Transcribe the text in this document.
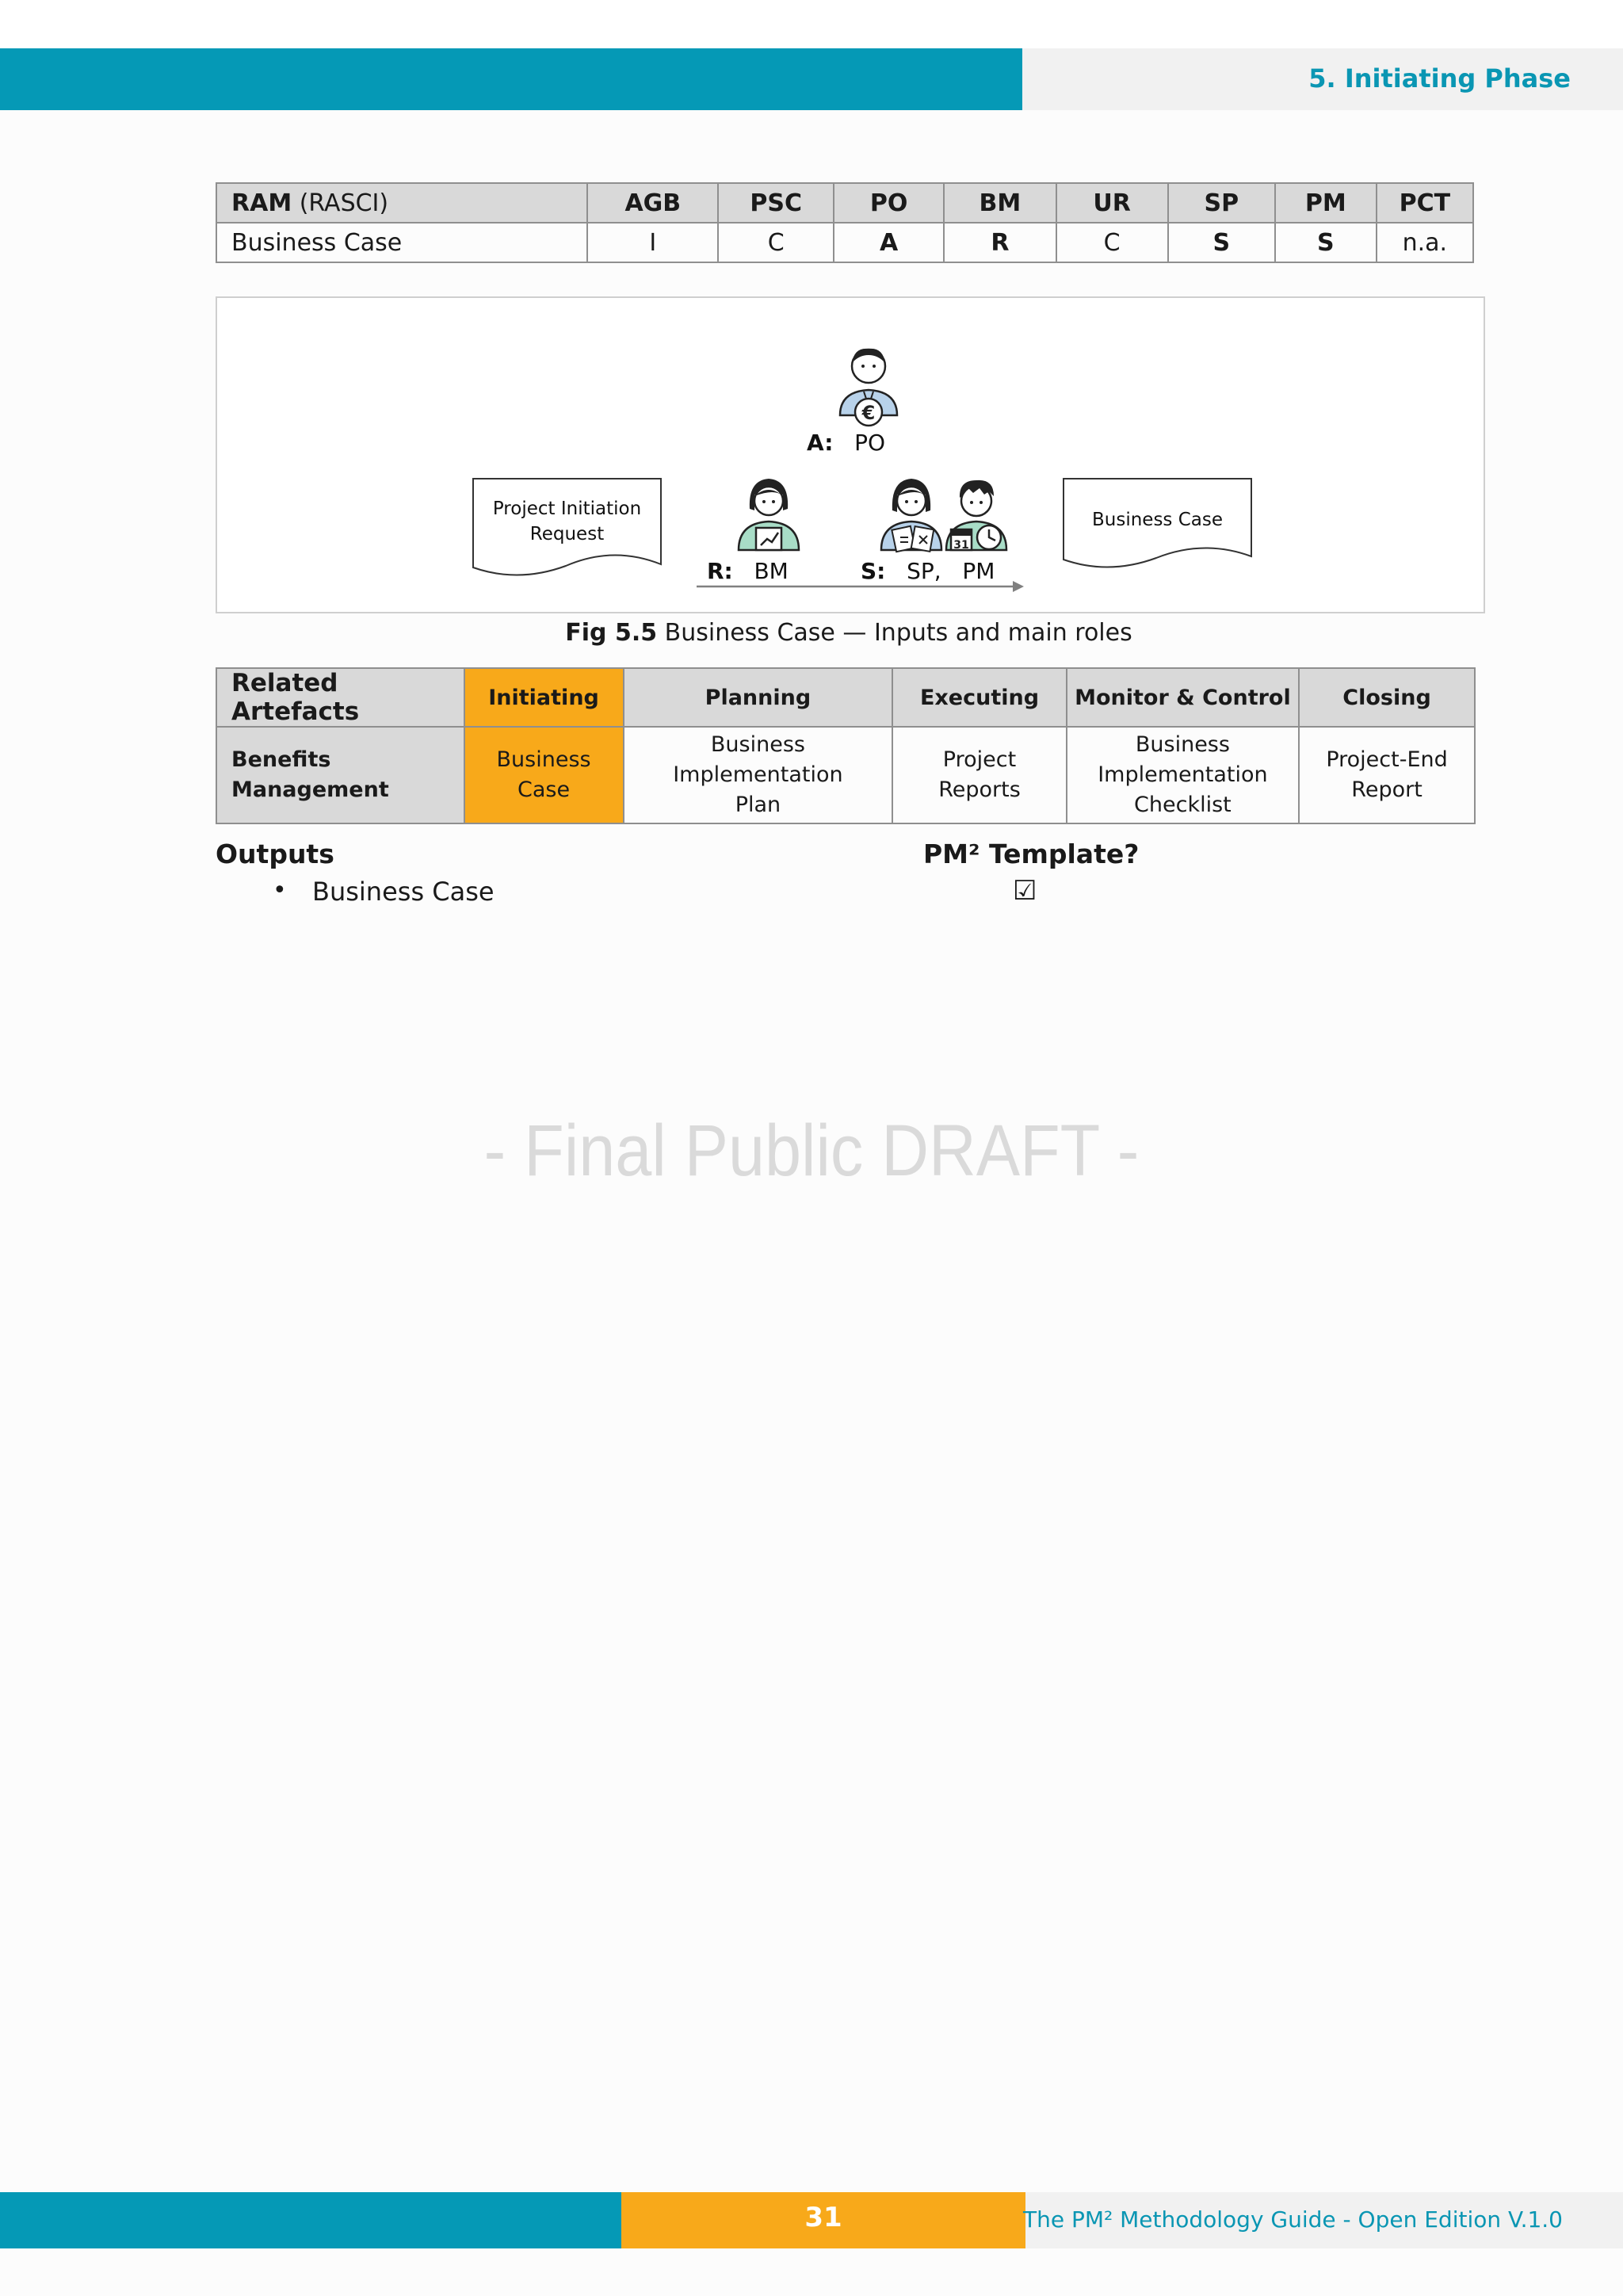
5. Initiating Phase
RAM (RASCI)	AGB	PSC	PO	BM	UR	SP	PM	PCT
Business Case	I	C	A	R	C	S	S	n.a.
€
31
Project Initiation Request
Business Case
A: PO
R: BM	S: SP, PM
Fig 5.5 Business Case — Inputs and main roles
Related Artefacts	Initiating	Planning	Executing	Monitor & Control	Closing
Benefits Management	Business Case	Business Implementation Plan	Project Reports	Business Implementation Checklist	Project-End Report
Outputs	PM² Template?
• Business Case	☑
- Final Public DRAFT -
31	The PM² Methodology Guide - Open Edition V.1.0
